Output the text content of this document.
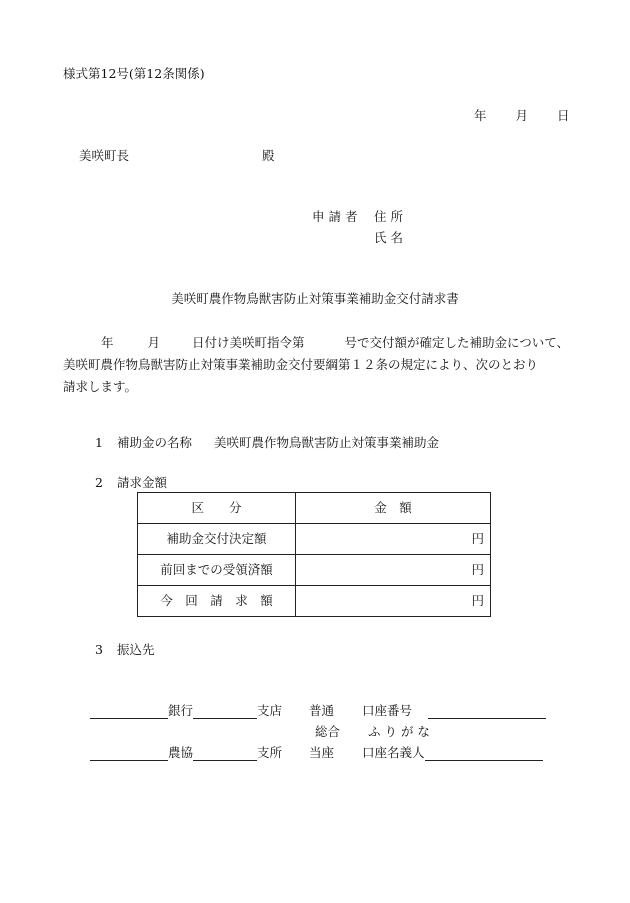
様式第12号(第12条関係)
年 月 日
美咲町長	殿
申 請 者 住 所
氏 名
美咲町農作物鳥獣害防止対策事業補助金交付請求書
年	月	日付け美咲町指令第	号で交付額が確定した補助金について、
美咲町農作物鳥獣害防止対策事業補助金交付要綱第１２条の規定により、次のとおり
請求します。
1 補助金の名称 美咲町農作物鳥獣害防止対策事業補助金
2 請求金額
区　　分	金　額
補助金交付決定額	円
前回までの受領済額	円
今　回　請　求　額	円
3 振込先
銀行	支店 普通 口座番号
総合 ふ り が な
農協	支所 当座 口座名義人
